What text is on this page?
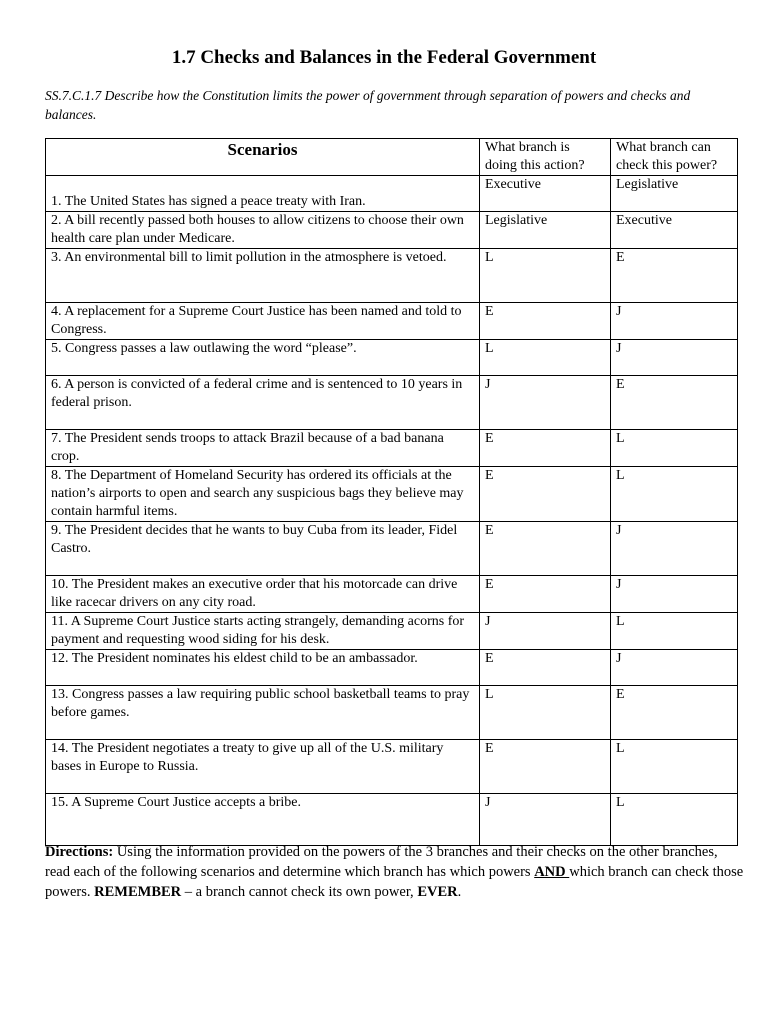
1.7 Checks and Balances in the Federal Government

SS.7.C.1.7 Describe how the Constitution limits the power of government through separation of powers and checks and balances.

Scenarios	What branch is doing this action?	What branch can check this power?
1. The United States has signed a peace treaty with Iran.	Executive	Legislative
2. A bill recently passed both houses to allow citizens to choose their own health care plan under Medicare.	Legislative	Executive
3. An environmental bill to limit pollution in the atmosphere is vetoed.	L	E
4. A replacement for a Supreme Court Justice has been named and told to Congress.	E	J
5. Congress passes a law outlawing the word “please”.	L	J
6. A person is convicted of a federal crime and is sentenced to 10 years in federal prison.	J	E
7. The President sends troops to attack Brazil because of a bad banana crop.	E	L
8. The Department of Homeland Security has ordered its officials at the nation’s airports to open and search any suspicious bags they believe may contain harmful items.	E	L
9. The President decides that he wants to buy Cuba from its leader, Fidel Castro.	E	J
10. The President makes an executive order that his motorcade can drive like racecar drivers on any city road.	E	J
11. A Supreme Court Justice starts acting strangely, demanding acorns for payment and requesting wood siding for his desk.	J	L
12. The President nominates his eldest child to be an ambassador.	E	J
13. Congress passes a law requiring public school basketball teams to pray before games.	L	E
14. The President negotiates a treaty to give up all of the U.S. military bases in Europe to Russia.	E	L
15. A Supreme Court Justice accepts a bribe.	J	L

Directions: Using the information provided on the powers of the 3 branches and their checks on the other branches, read each of the following scenarios and determine which branch has which powers AND which branch can check those powers. REMEMBER – a branch cannot check its own power, EVER.
